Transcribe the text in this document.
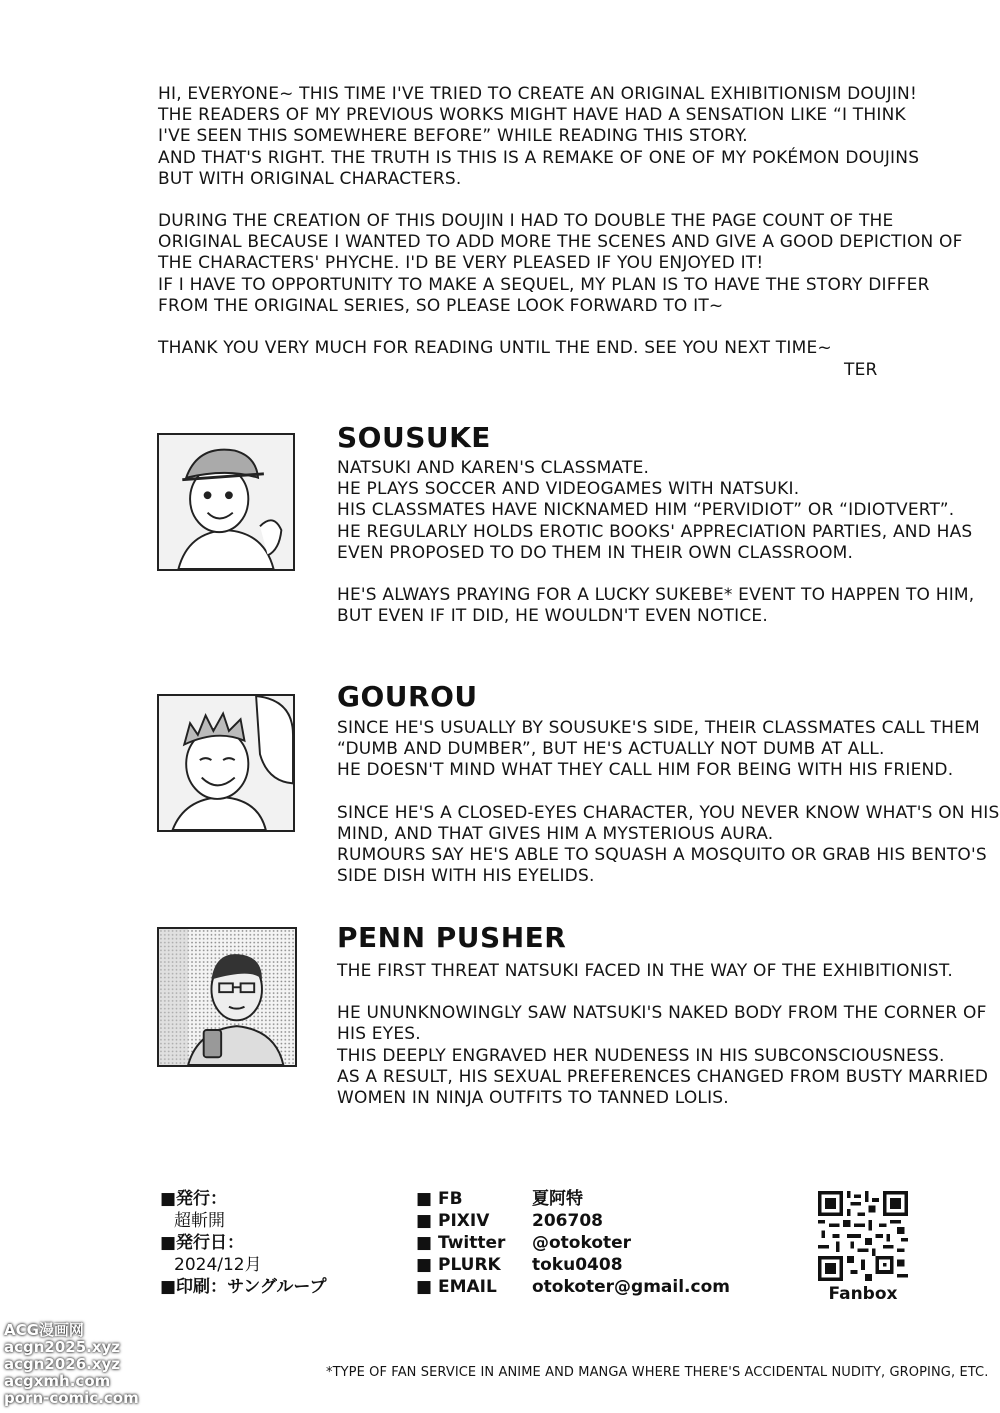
HI, EVERYONE~ THIS TIME I'VE TRIED TO CREATE AN ORIGINAL EXHIBITIONISM DOUJIN!
THE READERS OF MY PREVIOUS WORKS MIGHT HAVE HAD A SENSATION LIKE “I THINK
I'VE SEEN THIS SOMEWHERE BEFORE” WHILE READING THIS STORY.
AND THAT'S RIGHT. THE TRUTH IS THIS IS A REMAKE OF ONE OF MY POKÉMON DOUJINS
BUT WITH ORIGINAL CHARACTERS.

DURING THE CREATION OF THIS DOUJIN I HAD TO DOUBLE THE PAGE COUNT OF THE
ORIGINAL BECAUSE I WANTED TO ADD MORE THE SCENES AND GIVE A GOOD DEPICTION OF
THE CHARACTERS' PHYCHE. I'D BE VERY PLEASED IF YOU ENJOYED IT!
IF I HAVE TO OPPORTUNITY TO MAKE A SEQUEL, MY PLAN IS TO HAVE THE STORY DIFFER
FROM THE ORIGINAL SERIES, SO PLEASE LOOK FORWARD TO IT~

THANK YOU VERY MUCH FOR READING UNTIL THE END. SEE YOU NEXT TIME~

TER
SOUSUKE

NATSUKI AND KAREN'S CLASSMATE.
HE PLAYS SOCCER AND VIDEOGAMES WITH NATSUKI.
HIS CLASSMATES HAVE NICKNAMED HIM “PERVIDIOT” OR “IDIOTVERT”.
HE REGULARLY HOLDS EROTIC BOOKS' APPRECIATION PARTIES, AND HAS
EVEN PROPOSED TO DO THEM IN THEIR OWN CLASSROOM.

HE'S ALWAYS PRAYING FOR A LUCKY SUKEBE* EVENT TO HAPPEN TO HIM,
BUT EVEN IF IT DID, HE WOULDN'T EVEN NOTICE.

GOUROU

SINCE HE'S USUALLY BY SOUSUKE'S SIDE, THEIR CLASSMATES CALL THEM
“DUMB AND DUMBER”, BUT HE'S ACTUALLY NOT DUMB AT ALL.
HE DOESN'T MIND WHAT THEY CALL HIM FOR BEING WITH HIS FRIEND.

SINCE HE'S A CLOSED-EYES CHARACTER, YOU NEVER KNOW WHAT'S ON HIS
MIND, AND THAT GIVES HIM A MYSTERIOUS AURA.
RUMOURS SAY HE'S ABLE TO SQUASH A MOSQUITO OR GRAB HIS BENTO'S
SIDE DISH WITH HIS EYELIDS.

PENN PUSHER

THE FIRST THREAT NATSUKI FACED IN THE WAY OF THE EXHIBITIONIST.

HE UNUNKNOWINGLY SAW NATSUKI'S NAKED BODY FROM THE CORNER OF
HIS EYES.
THIS DEEPLY ENGRAVED HER NUDENESS IN HIS SUBCONSCIOUSNESS.
AS A RESULT, HIS SEXUAL PREFERENCES CHANGED FROM BUSTY MARRIED
WOMEN IN NINJA OUTFITS TO TANNED LOLIS.

■発行：
超斬開
■発行日：
2024/12月
■印刷：サングループ
■ FB	夏阿特
■ PIXIV	206708
■ Twitter	@otokoter
■ PLURK	toku0408
■ EMAIL	otokoter@gmail.com	Fanbox
*TYPE OF FAN SERVICE IN ANIME AND MANGA WHERE THERE'S ACCIDENTAL NUDITY, GROPING, ETC.
ACG漫画网
acgn2025.xyz
acgn2026.xyz
acgxmh.com
porn-comic.com
